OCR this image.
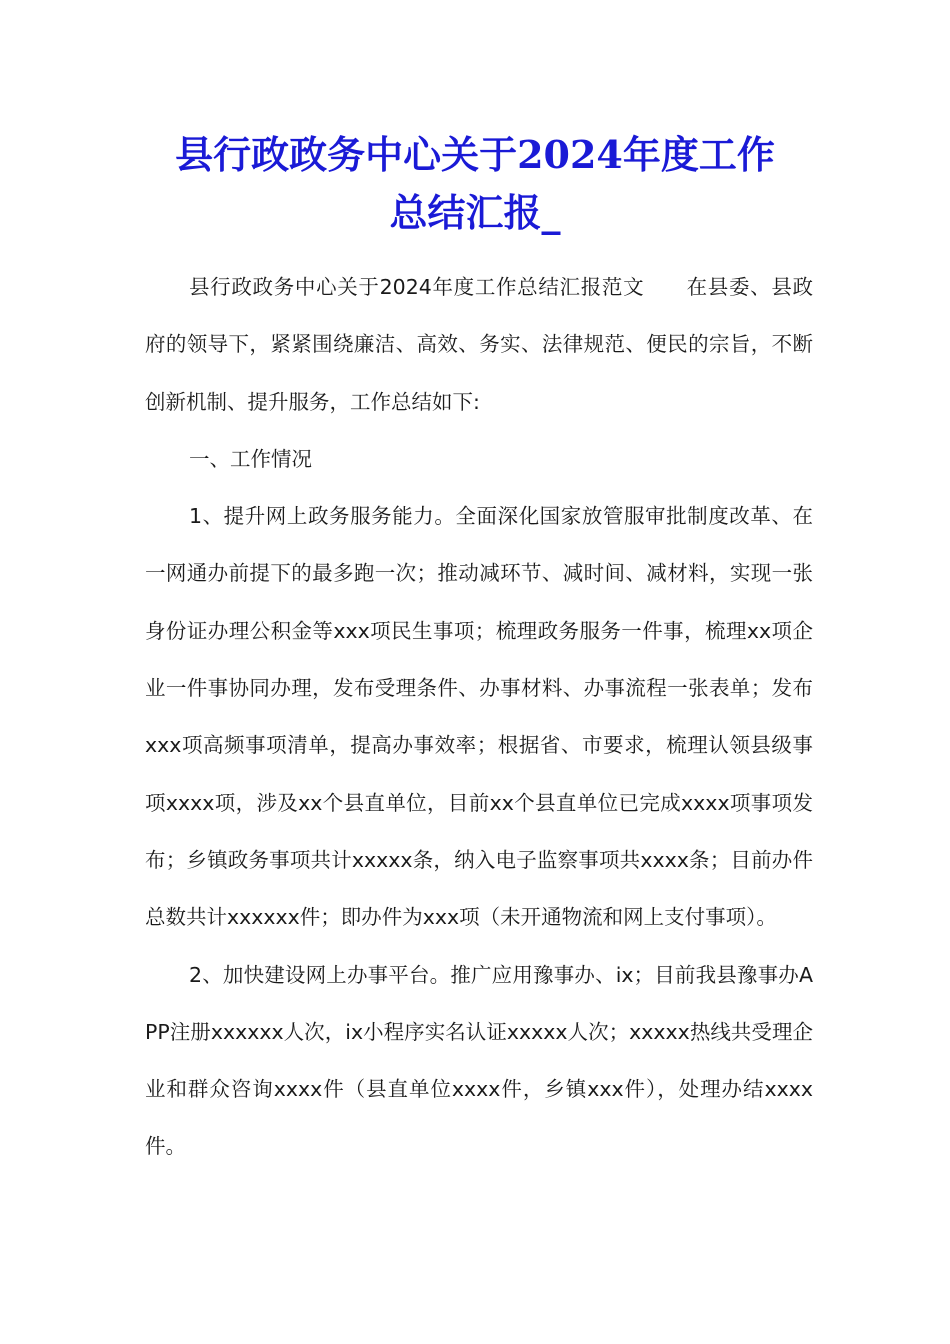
县行政政务中心关于2024年度工作
总结汇报_

县行政政务中心关于2024年度工作总结汇报范文　　在县委、县政府的领导下，紧紧围绕廉洁、高效、务实、法律规范、便民的宗旨，不断创新机制、提升服务，工作总结如下:

一、工作情况

1、提升网上政务服务能力。全面深化国家放管服审批制度改革、在一网通办前提下的最多跑一次；推动减环节、减时间、减材料，实现一张身份证办理公积金等xxx项民生事项；梳理政务服务一件事，梳理xx项企业一件事协同办理，发布受理条件、办事材料、办事流程一张表单；发布xxx项高频事项清单，提高办事效率；根据省、市要求，梳理认领县级事项xxxx项，涉及xx个县直单位，目前xx个县直单位已完成xxxx项事项发布；乡镇政务事项共计xxxxx条，纳入电子监察事项共xxxx条；目前办件总数共计xxxxxx件；即办件为xxx项（未开通物流和网上支付事项）。

2、加快建设网上办事平台。推广应用豫事办、ix；目前我县豫事办APP注册xxxxxx人次，ix小程序实名认证xxxxx人次；xxxxx热线共受理企业和群众咨询xxxx件（县直单位xxxx件，乡镇xxx件），处理办结xxxx件。
